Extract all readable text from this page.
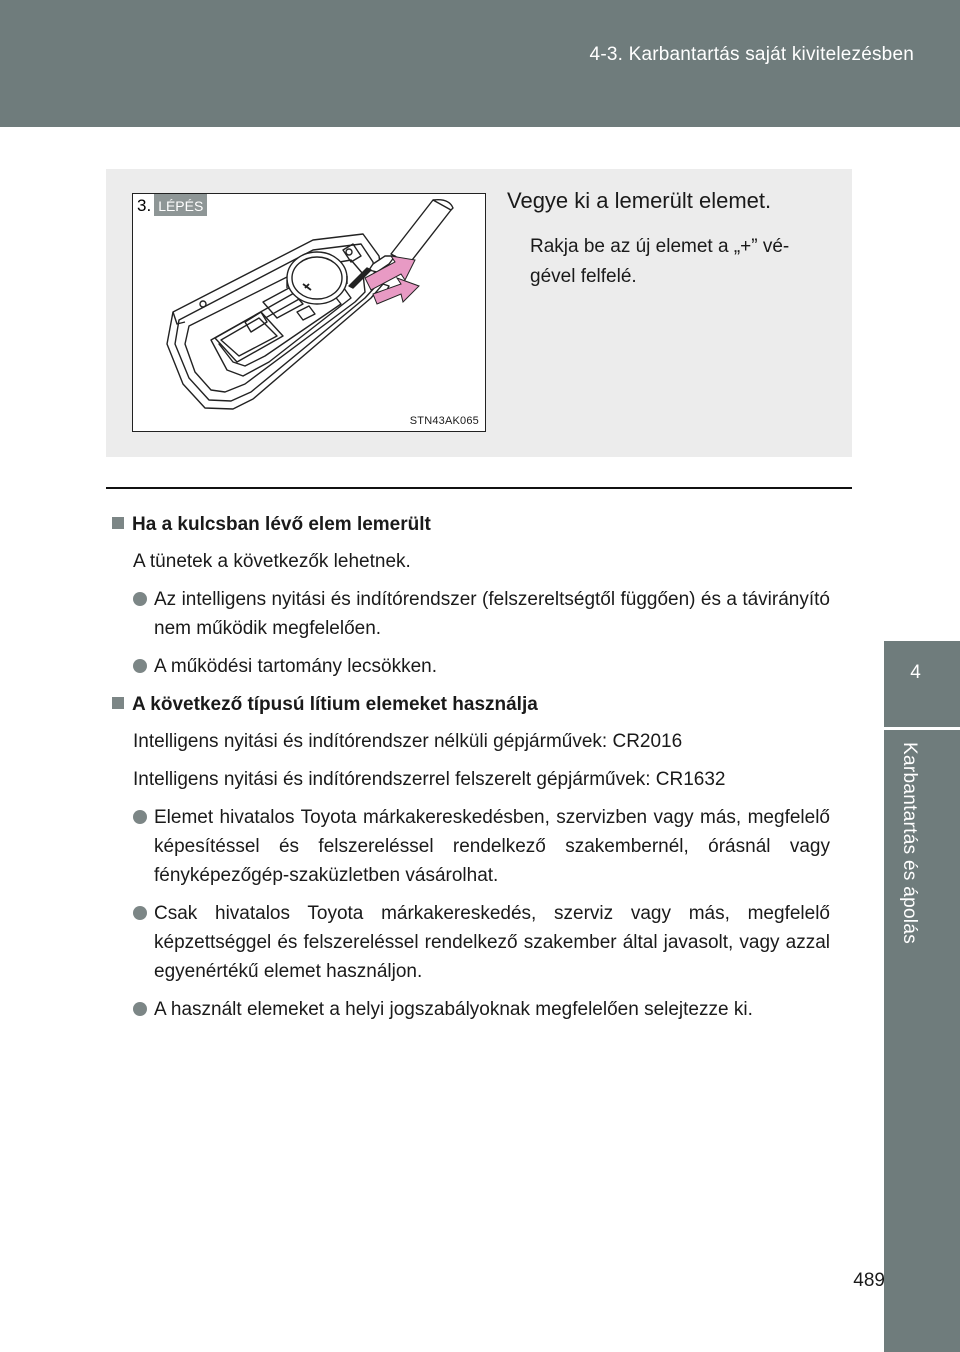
4-3. Karbantartás saját kivitelezésben
4
Karbantartás és ápolás
STN43AK065
3. LÉPÉS	Vegye ki a lemerült elemet.
Rakja be az új elemet a „+” vé-gével felfelé.
Ha a kulcsban lévő elem lemerült
A tünetek a következők lehetnek.
Az intelligens nyitási és indítórendszer (felszereltségtől függően) és a távirányító nem működik megfelelően.
A működési tartomány lecsökken.
A következő típusú lítium elemeket használja
Intelligens nyitási és indítórendszer nélküli gépjárművek: CR2016
Intelligens nyitási és indítórendszerrel felszerelt gépjárművek: CR1632
Elemet hivatalos Toyota márkakereskedésben, szervizben vagy más, megfelelő képesítéssel és felszereléssel rendelkező szakembernél, órásnál vagy fényképezőgép-szaküzletben vásárolhat.
Csak hivatalos Toyota márkakereskedés, szerviz vagy más, megfelelő képzettséggel és felszereléssel rendelkező szakember által javasolt, vagy azzal egyenértékű elemet használjon.
A használt elemeket a helyi jogszabályoknak megfelelően selejtezze ki.
489
